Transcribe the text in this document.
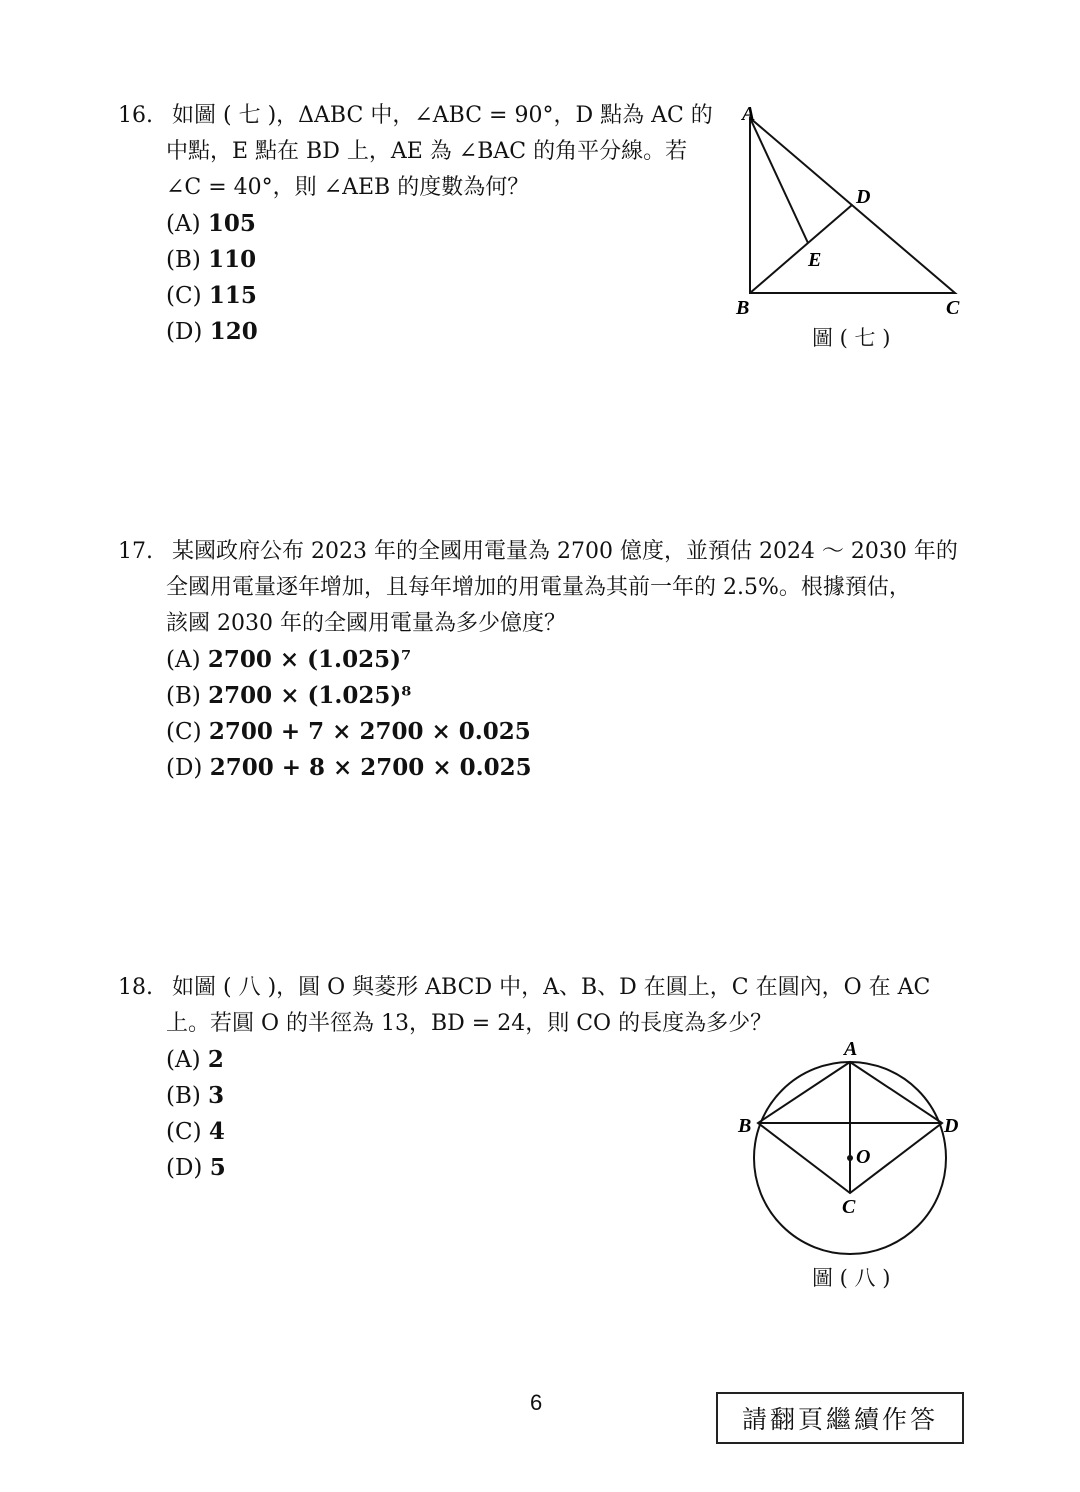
16. 如圖 ( 七 )，ΔABC 中，∠ABC = 90°，D 點為 AC 的
中點，E 點在 BD 上，AE 為 ∠BAC 的角平分線。若
∠C = 40°，則 ∠AEB 的度數為何？
(A) 105
(B) 110
(C) 115
(D) 120
A
B	C
D
E
圖 ( 七 )
17. 某國政府公布 2023 年的全國用電量為 2700 億度，並預估 2024 ～ 2030 年的
全國用電量逐年增加，且每年增加的用電量為其前一年的 2.5%。根據預估，
該國 2030 年的全國用電量為多少億度？
(A) 2700 × (1.025)⁷
(B) 2700 × (1.025)⁸
(C) 2700 + 7 × 2700 × 0.025
(D) 2700 + 8 × 2700 × 0.025
18. 如圖 ( 八 )，圓 O 與菱形 ABCD 中，A、B、D 在圓上，C 在圓內，O 在 AC
上。若圓 O 的半徑為 13，BD = 24，則 CO 的長度為多少？
(A) 2
(B) 3
(C) 4
(D) 5
A
B	D
O
C
圖 ( 八 )
6
請翻頁繼續作答
